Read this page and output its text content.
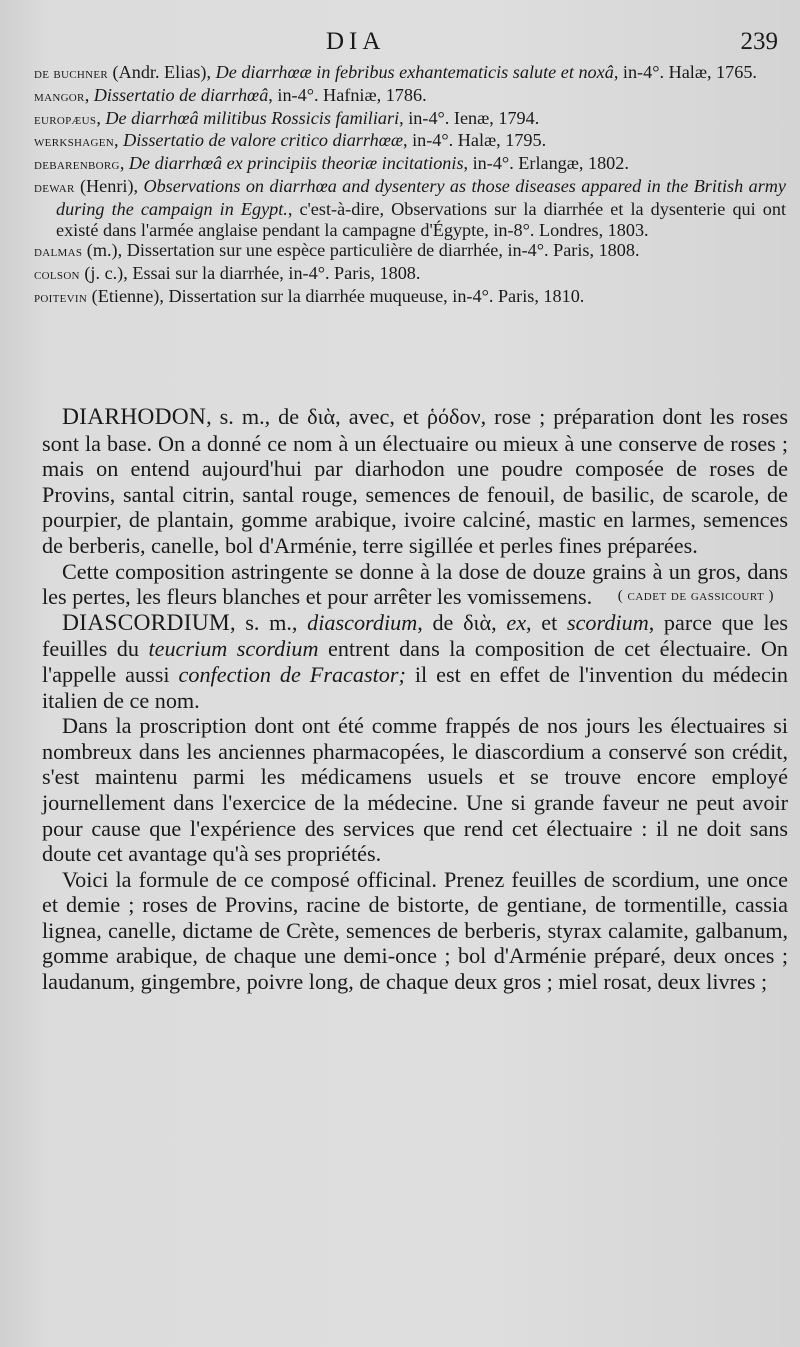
DIA	239
de buchner (Andr. Elias), De diarrhœæ in febribus exhantematicis salute et noxâ, in-4°. Halæ, 1765.
mangor, Dissertatio de diarrhœâ, in-4°. Hafniæ, 1786.
europæus, De diarrhœâ militibus Rossicis familiari, in-4°. Ienæ, 1794.
werkshagen, Dissertatio de valore critico diarrhœæ, in-4°. Halæ, 1795.
debarenborg, De diarrhœâ ex principiis theoriæ incitationis, in-4°. Erlangæ, 1802.
dewar (Henri), Observations on diarrhœa and dysentery as those diseases appared in the British army during the campaign in Egypt., c'est-à-dire, Observations sur la diarrhée et la dysenterie qui ont existé dans l'armée anglaise pendant la campagne d'Égypte, in-8°. Londres, 1803.
dalmas (m.), Dissertation sur une espèce particulière de diarrhée, in-4°. Paris, 1808.
colson (j. c.), Essai sur la diarrhée, in-4°. Paris, 1808.
poitevin (Etienne), Dissertation sur la diarrhée muqueuse, in-4°. Paris, 1810.

DIARHODON, s. m., de διὰ, avec, et ῥόδον, rose ; préparation dont les roses sont la base. On a donné ce nom à un électuaire ou mieux à une conserve de roses ; mais on entend aujourd'hui par diarhodon une poudre composée de roses de Provins, santal citrin, santal rouge, semences de fenouil, de basilic, de scarole, de pourpier, de plantain, gomme arabique, ivoire calciné, mastic en larmes, semences de berberis, canelle, bol d'Arménie, terre sigillée et perles fines préparées.

Cette composition astringente se donne à la dose de douze grains à un gros, dans les pertes, les fleurs blanches et pour arrêter les vomissemens.	( cadet de gassicourt )

DIASCORDIUM, s. m., diascordium, de διὰ, ex, et scordium, parce que les feuilles du teucrium scordium entrent dans la composition de cet électuaire. On l'appelle aussi confection de Fracastor; il est en effet de l'invention du médecin italien de ce nom.

Dans la proscription dont ont été comme frappés de nos jours les électuaires si nombreux dans les anciennes pharmacopées, le diascordium a conservé son crédit, s'est maintenu parmi les médicamens usuels et se trouve encore employé journellement dans l'exercice de la médecine. Une si grande faveur ne peut avoir pour cause que l'expérience des services que rend cet électuaire : il ne doit sans doute cet avantage qu'à ses propriétés.

Voici la formule de ce composé officinal. Prenez feuilles de scordium, une once et demie ; roses de Provins, racine de bistorte, de gentiane, de tormentille, cassia lignea, canelle, dictame de Crète, semences de berberis, styrax calamite, galbanum, gomme arabique, de chaque une demi-once ; bol d'Arménie préparé, deux onces ; laudanum, gingembre, poivre long, de chaque deux gros ; miel rosat, deux livres ;
